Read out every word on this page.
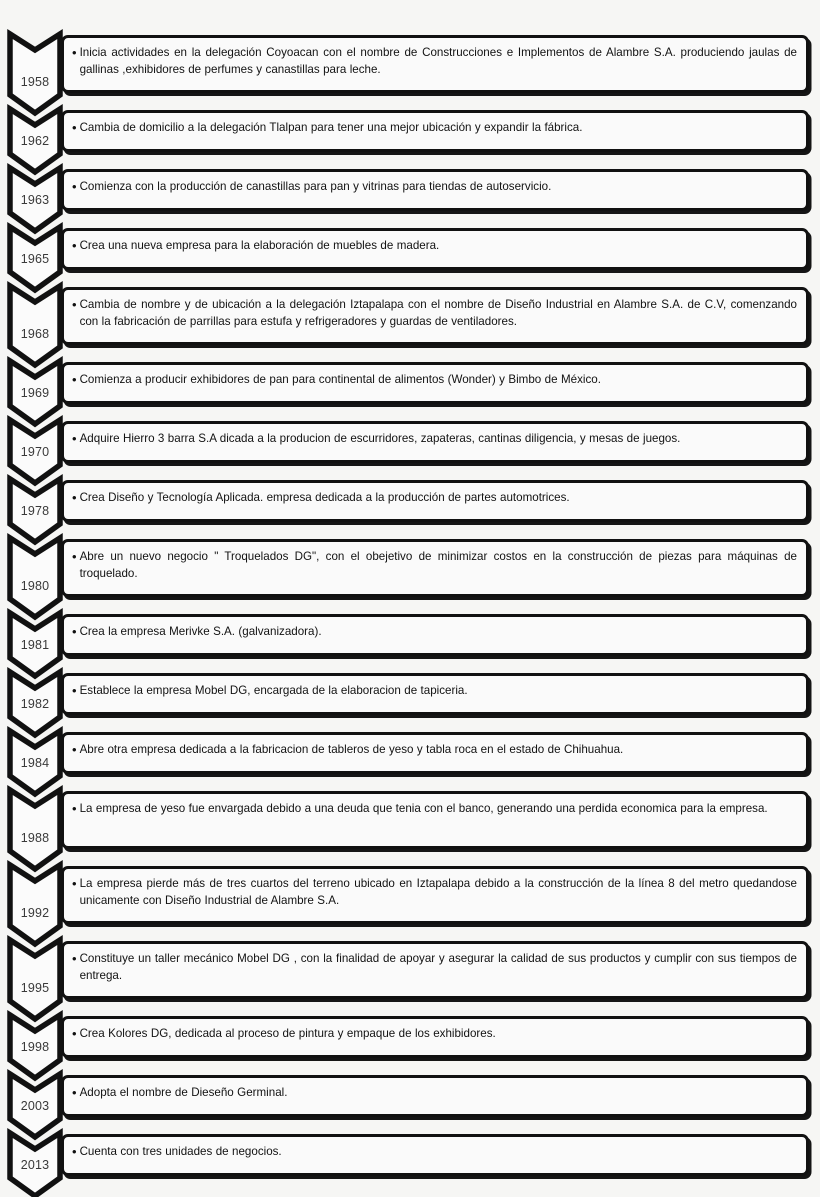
1958
• Inicia actividades en la delegación Coyoacan con el nombre de Construcciones e Implementos de Alambre S.A. produciendo jaulas de gallinas ,exhibidores de perfumes y canastillas para leche.
1962
• Cambia de domicilio a la delegación Tlalpan para tener una mejor ubicación y expandir la fábrica.
1963
• Comienza con la producción de canastillas para pan y vitrinas para tiendas de autoservicio.
1965
• Crea una nueva empresa para la elaboración de muebles de madera.
1968
• Cambia de nombre y de ubicación a la delegación Iztapalapa con el nombre de Diseño Industrial en Alambre S.A. de C.V, comenzando con la fabricación de parrillas para estufa y refrigeradores y guardas de ventiladores.
1969
• Comienza a producir exhibidores de pan para continental de alimentos (Wonder) y Bimbo de México.
1970
• Adquire Hierro 3 barra S.A dicada a la producion de escurridores, zapateras, cantinas diligencia, y mesas de juegos.
1978
• Crea Diseño y Tecnología Aplicada. empresa dedicada a la producción de partes automotrices.
1980
• Abre un nuevo negocio " Troquelados DG", con el obejetivo de minimizar costos en la construcción de piezas para máquinas de troquelado.
1981
• Crea la empresa Merivke S.A. (galvanizadora).
1982
• Establece la empresa Mobel DG, encargada de la elaboracion de tapiceria.
1984
• Abre otra empresa dedicada a la fabricacion de tableros de yeso y tabla roca en el estado de Chihuahua.
1988
• La empresa de yeso fue envargada debido a una deuda que tenia con el banco, generando una perdida economica para la empresa.
1992
• La empresa pierde más de tres cuartos del terreno ubicado en Iztapalapa debido a la construcción de la línea 8 del metro quedandose unicamente con Diseño Industrial de Alambre S.A.
1995
• Constituye un taller mecánico Mobel DG , con la finalidad de apoyar y asegurar la calidad de sus productos y cumplir con sus tiempos de entrega.
1998
• Crea Kolores DG, dedicada al proceso de pintura y empaque de los exhibidores.
2003
• Adopta el nombre de Dieseño Germinal.
2013
• Cuenta con tres unidades de negocios.
